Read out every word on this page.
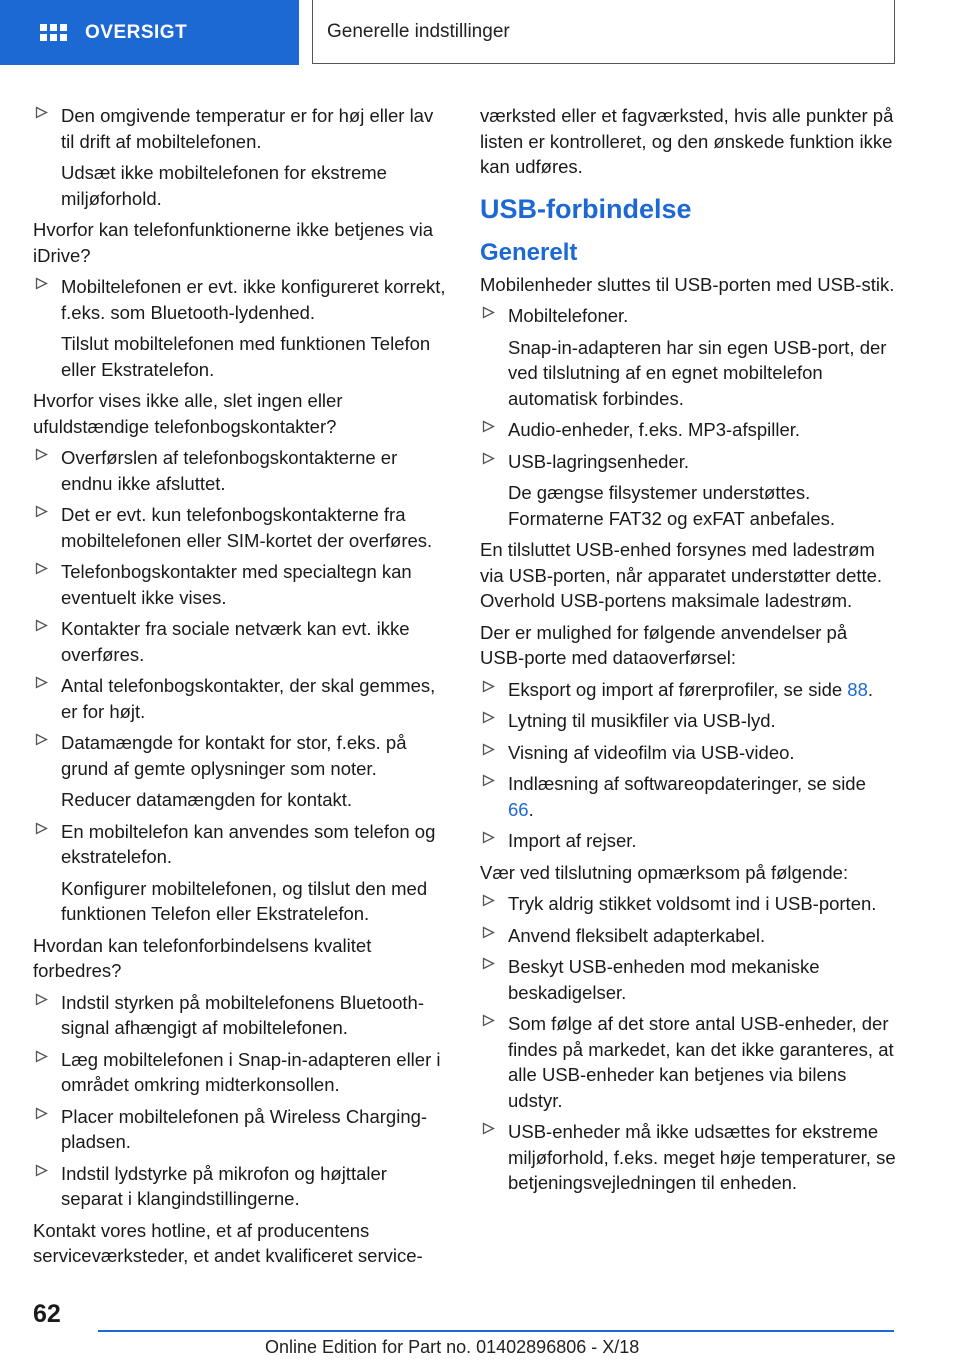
OVERSIGT	Generelle indstillinger
Den omgivende temperatur er for høj eller lav til drift af mobiltelefonen.

Udsæt ikke mobiltelefonen for ekstreme miljøforhold.

Hvorfor kan telefonfunktionerne ikke betjenes via iDrive?

Mobiltelefonen er evt. ikke konfigureret korrekt, f.eks. som Bluetooth-lydenhed.

Tilslut mobiltelefonen med funktionen Telefon eller Ekstratelefon.

Hvorfor vises ikke alle, slet ingen eller ufuldstændige telefonbogskontakter?

Overførslen af telefonbogskontakterne er endnu ikke afsluttet.
Det er evt. kun telefonbogskontakterne fra mobiltelefonen eller SIM-kortet der overføres.
Telefonbogskontakter med specialtegn kan eventuelt ikke vises.
Kontakter fra sociale netværk kan evt. ikke overføres.
Antal telefonbogskontakter, der skal gemmes, er for højt.
Datamængde for kontakt for stor, f.eks. på grund af gemte oplysninger som noter.

Reducer datamængden for kontakt.

En mobiltelefon kan anvendes som telefon og ekstratelefon.

Konfigurer mobiltelefonen, og tilslut den med funktionen Telefon eller Ekstratelefon.

Hvordan kan telefonforbindelsens kvalitet forbedres?

Indstil styrken på mobiltelefonens Bluetooth-signal afhængigt af mobiltelefonen.
Læg mobiltelefonen i Snap-in-adapteren eller i området omkring midterkonsollen.
Placer mobiltelefonen på Wireless Charging-pladsen.
Indstil lydstyrke på mikrofon og højttaler separat i klangindstillingerne.

Kontakt vores hotline, et af producentens serviceværksteder, et andet kvalificeret service-

værksted eller et fagværksted, hvis alle punkter på listen er kontrolleret, og den ønskede funktion ikke kan udføres.

USB-forbindelse
Generelt

Mobilenheder sluttes til USB-porten med USB-stik.

Mobiltelefoner.

Snap-in-adapteren har sin egen USB-port, der ved tilslutning af en egnet mobiltelefon automatisk forbindes.

Audio-enheder, f.eks. MP3-afspiller.
USB-lagringsenheder.

De gængse filsystemer understøttes. Formaterne FAT32 og exFAT anbefales.

En tilsluttet USB-enhed forsynes med ladestrøm via USB-porten, når apparatet understøtter dette. Overhold USB-portens maksimale ladestrøm.

Der er mulighed for følgende anvendelser på USB-porte med dataoverførsel:

Eksport og import af førerprofiler, se side 88.
Lytning til musikfiler via USB-lyd.
Visning af videofilm via USB-video.
Indlæsning af softwareopdateringer, se side 66.
Import af rejser.

Vær ved tilslutning opmærksom på følgende:

Tryk aldrig stikket voldsomt ind i USB-porten.
Anvend fleksibelt adapterkabel.
Beskyt USB-enheden mod mekaniske beskadigelser.
Som følge af det store antal USB-enheder, der findes på markedet, kan det ikke garanteres, at alle USB-enheder kan betjenes via bilens udstyr.
USB-enheder må ikke udsættes for ekstreme miljøforhold, f.eks. meget høje temperaturer, se betjeningsvejledningen til enheden.
62
Online Edition for Part no. 01402896806 - X/18
